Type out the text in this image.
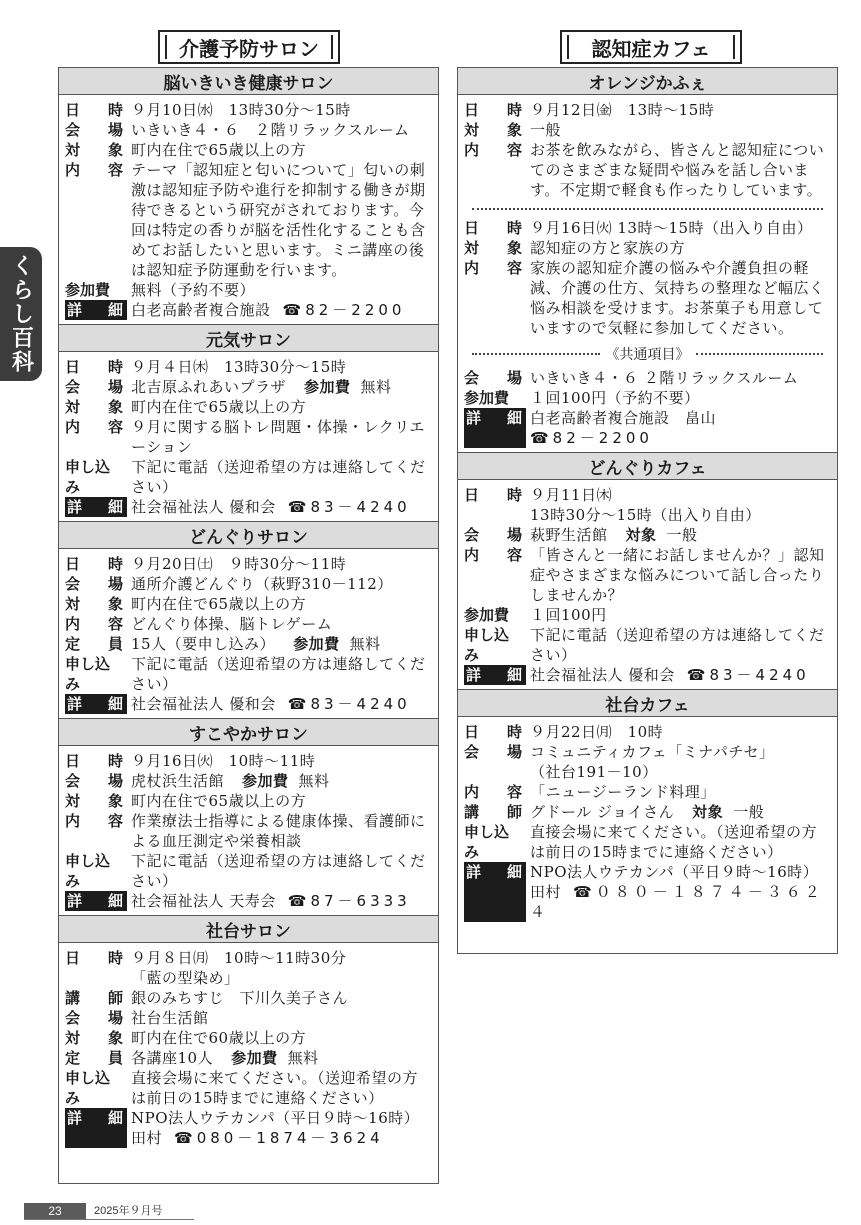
介護予防サロン	認知症カフェ
くらし百科
脳いきいき健康サロン
日 時 ９月10日㈬　13時30分～15時
会 場 いきいき４・６　２階リラックスルーム
対 象 町内在住で65歳以上の方
内 容 テーマ「認知症と匂いについて」匂いの刺激は認知症予防や進行を抑制する働きが期待できるという研究がされております。今回は特定の香りが脳を活性化することも含めてお話したいと思います。ミニ講座の後は認知症予防運動を行います。
参加費	無料（予約不要）
詳 細 白老高齢者複合施設 ☎82－2200
元気サロン
日 時 ９月４日㈭　13時30分～15時
会 場 北吉原ふれあいプラザ 参加費 無料
対 象 町内在住で65歳以上の方
内 容 ９月に関する脳トレ問題・体操・レクリエーション
申し込み
下記に電話（送迎希望の方は連絡してください）
詳 細 社会福祉法人 優和会 ☎83－4240
どんぐりサロン
日 時 ９月20日㈯　９時30分～11時
会 場 通所介護どんぐり（萩野310－112）
対 象 町内在住で65歳以上の方
内 容 どんぐり体操、脳トレゲーム
定 員 15人（要申し込み） 参加費 無料
申し込み
下記に電話（送迎希望の方は連絡してください）
詳 細 社会福祉法人 優和会 ☎83－4240
すこやかサロン
日 時 ９月16日㈫　10時～11時
会 場 虎杖浜生活館 参加費 無料
対 象 町内在住で65歳以上の方
内 容 作業療法士指導による健康体操、看護師による血圧測定や栄養相談
申し込み
下記に電話（送迎希望の方は連絡してください）
詳 細 社会福祉法人 天寿会 ☎87－6333
社台サロン
日 時 ９月８日㈪　10時～11時30分
「藍の型染め」
講 師 銀のみちすじ　下川久美子さん
会 場 社台生活館
対 象 町内在住で60歳以上の方
定 員 各講座10人 参加費 無料
申し込み
直接会場に来てください。（送迎希望の方は前日の15時までに連絡ください）
詳 細 NPO法人ウテカンパ（平日９時～16時）
田村 ☎080－1874－3624
オレンジかふぇ
日 時 ９月12日㈮　13時～15時
対 象 一般
内 容 お茶を飲みながら、皆さんと認知症についてのさまざまな疑問や悩みを話し合います。不定期で軽食も作ったりしています。
日 時 ９月16日㈫ 13時～15時（出入り自由）
対 象 認知症の方と家族の方
内 容 家族の認知症介護の悩みや介護負担の軽減、介護の仕方、気持ちの整理など幅広く悩み相談を受けます。お茶菓子も用意していますので気軽に参加してください。
《共通項目》
会 場 いきいき４・６ ２階リラックスルーム
参加費	１回100円（予約不要）
詳 細 白老高齢者複合施設　畠山
☎82－2200
どんぐりカフェ
日 時 ９月11日㈭
13時30分～15時（出入り自由）
会 場 萩野生活館 対象 一般
内 容 「皆さんと一緒にお話しませんか？」認知症やさまざまな悩みについて話し合ったりしませんか？
参加費	１回100円
申し込み
下記に電話（送迎希望の方は連絡してください）
詳 細 社会福祉法人 優和会 ☎83－4240
社台カフェ
日 時 ９月22日㈪　10時
会 場 コミュニティカフェ「ミナパチセ」
（社台191－10）
内 容 「ニュージーランド料理」
講 師 グドール ジョイさん 対象 一般
申し込み
直接会場に来てください。（送迎希望の方は前日の15時までに連絡ください）
詳 細 NPO法人ウテカンパ（平日９時～16時）
田村 ☎０８０－１８７４－３６２４
23	2025年９月号
